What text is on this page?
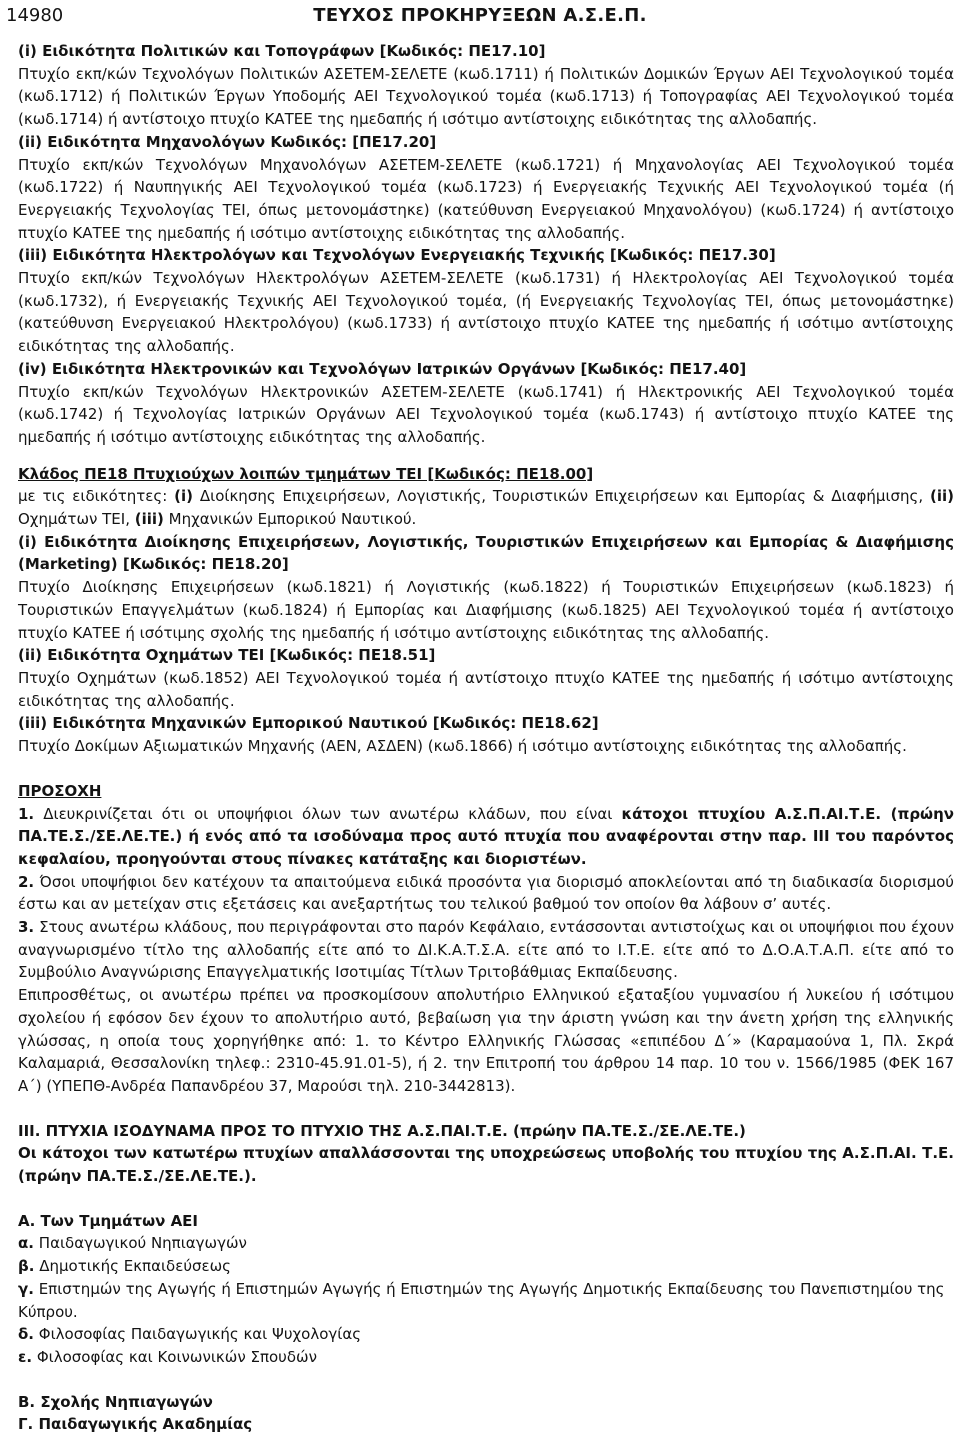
14980	ΤΕΥΧΟΣ ΠΡΟΚΗΡΥΞΕΩΝ Α.Σ.Ε.Π.

(i) Ειδικότητα Πολιτικών και Τοπογράφων [Κωδικός: ΠΕ17.10]

Πτυχίο εκπ/κών Τεχνολόγων Πολιτικών ΑΣΕΤΕΜ-ΣΕΛΕΤΕ (κωδ.1711) ή Πολιτικών Δομικών Έργων ΑΕΙ Τεχνολογικού τομέα (κωδ.1712) ή Πολιτικών Έργων Υποδομής ΑΕΙ Τεχνολογικού τομέα (κωδ.1713) ή Τοπογραφίας ΑΕΙ Τεχνολογικού τομέα (κωδ.1714) ή αντίστοιχο πτυχίο ΚΑΤΕΕ της ημεδαπής ή ισότιμο αντίστοιχης ειδικότητας της αλλοδαπής.

(ii) Ειδικότητα Μηχανολόγων Κωδικός: [ΠΕ17.20]

Πτυχίο εκπ/κών Τεχνολόγων Μηχανολόγων ΑΣΕΤΕΜ-ΣΕΛΕΤΕ (κωδ.1721) ή Μηχανολογίας ΑΕΙ Τεχνολογικού τομέα (κωδ.1722) ή Ναυπηγικής ΑΕΙ Τεχνολογικού τομέα (κωδ.1723) ή Ενεργειακής Τεχνικής ΑΕΙ Τεχνολογικού τομέα (ή Ενεργειακής Τεχνολογίας ΤΕΙ, όπως μετονομάστηκε) (κατεύθυνση Ενεργειακού Μηχανολόγου) (κωδ.1724) ή αντίστοιχο πτυχίο ΚΑΤΕΕ της ημεδαπής ή ισότιμο αντίστοιχης ειδικότητας της αλλοδαπής.

(iii) Ειδικότητα Ηλεκτρολόγων και Τεχνολόγων Ενεργειακής Τεχνικής [Κωδικός: ΠΕ17.30]

Πτυχίο εκπ/κών Τεχνολόγων Ηλεκτρολόγων ΑΣΕΤΕΜ-ΣΕΛΕΤΕ (κωδ.1731) ή Ηλεκτρολογίας ΑΕΙ Τεχνολογικού τομέα (κωδ.1732), ή Ενεργειακής Τεχνικής ΑΕΙ Τεχνολογικού τομέα, (ή Ενεργειακής Τεχνολογίας ΤΕΙ, όπως μετονομάστηκε) (κατεύθυνση Ενεργειακού Ηλεκτρολόγου) (κωδ.1733) ή αντίστοιχο πτυχίο ΚΑΤΕΕ της ημεδαπής ή ισότιμο αντίστοιχης ειδικότητας της αλλοδαπής.

(iv) Ειδικότητα Ηλεκτρονικών και Τεχνολόγων Ιατρικών Οργάνων [Κωδικός: ΠΕ17.40]

Πτυχίο εκπ/κών Τεχνολόγων Ηλεκτρονικών ΑΣΕΤΕΜ-ΣΕΛΕΤΕ (κωδ.1741) ή Ηλεκτρονικής ΑΕΙ Τεχνολογικού τομέα (κωδ.1742) ή Τεχνολογίας Ιατρικών Οργάνων ΑΕΙ Τεχνολογικού τομέα (κωδ.1743) ή αντίστοιχο πτυχίο ΚΑΤΕΕ της ημεδαπής ή ισότιμο αντίστοιχης ειδικότητας της αλλοδαπής.

Κλάδος ΠΕ18 Πτυχιούχων λοιπών τμημάτων ΤΕΙ [Κωδικός: ΠΕ18.00]

με τις ειδικότητες: (i) Διοίκησης Επιχειρήσεων, Λογιστικής, Τουριστικών Επιχειρήσεων και Εμπορίας & Διαφήμισης, (ii) Οχημάτων ΤΕΙ, (iii) Μηχανικών Εμπορικού Ναυτικού.

(i) Ειδικότητα Διοίκησης Επιχειρήσεων, Λογιστικής, Τουριστικών Επιχειρήσεων και Εμπορίας & Διαφήμισης (Marketing) [Κωδικός: ΠΕ18.20]

Πτυχίο Διοίκησης Επιχειρήσεων (κωδ.1821) ή Λογιστικής (κωδ.1822) ή Τουριστικών Επιχειρήσεων (κωδ.1823) ή Τουριστικών Επαγγελμάτων (κωδ.1824) ή Εμπορίας και Διαφήμισης (κωδ.1825) ΑΕΙ Τεχνολογικού τομέα ή αντίστοιχο πτυχίο ΚΑΤΕΕ ή ισότιμης σχολής της ημεδαπής ή ισότιμο αντίστοιχης ειδικότητας της αλλοδαπής.

(ii) Ειδικότητα Οχημάτων ΤΕΙ [Κωδικός: ΠΕ18.51]

Πτυχίο Οχημάτων (κωδ.1852) ΑΕΙ Τεχνολογικού τομέα ή αντίστοιχο πτυχίο ΚΑΤΕΕ της ημεδαπής ή ισότιμο αντίστοιχης ειδικότητας της αλλοδαπής.

(iii) Ειδικότητα Μηχανικών Εμπορικού Ναυτικού [Κωδικός: ΠΕ18.62]

Πτυχίο Δοκίμων Αξιωματικών Μηχανής (ΑΕΝ, ΑΣΔΕΝ) (κωδ.1866) ή ισότιμο αντίστοιχης ειδικότητας της αλλοδαπής.

ΠΡΟΣΟΧΗ

1. Διευκρινίζεται ότι οι υποψήφιοι όλων των ανωτέρω κλάδων, που είναι κάτοχοι πτυχίου Α.Σ.Π.ΑΙ.Τ.Ε. (πρώην ΠΑ.ΤΕ.Σ./ΣΕ.ΛΕ.ΤΕ.) ή ενός από τα ισοδύναμα προς αυτό πτυχία που αναφέρονται στην παρ. III του παρόντος κεφαλαίου, προηγούνται στους πίνακες κατάταξης και διοριστέων.

2. Όσοι υποψήφιοι δεν κατέχουν τα απαιτούμενα ειδικά προσόντα για διορισμό αποκλείονται από τη διαδικασία διορισμού έστω και αν μετείχαν στις εξετάσεις και ανεξαρτήτως του τελικού βαθμού τον οποίον θα λάβουν σ’ αυτές.

3. Στους ανωτέρω κλάδους, που περιγράφονται στο παρόν Κεφάλαιο, εντάσσονται αντιστοίχως και οι υποψήφιοι που έχουν αναγνωρισμένο τίτλο της αλλοδαπής είτε από το ΔΙ.Κ.Α.Τ.Σ.Α. είτε από το Ι.Τ.Ε. είτε από το Δ.Ο.Α.Τ.Α.Π. είτε από το Συμβούλιο Αναγνώρισης Επαγγελματικής Ισοτιμίας Τίτλων Τριτοβάθμιας Εκπαίδευσης.

Επιπροσθέτως, οι ανωτέρω πρέπει να προσκομίσουν απολυτήριο Ελληνικού εξαταξίου γυμνασίου ή λυκείου ή ισότιμου σχολείου ή εφόσον δεν έχουν το απολυτήριο αυτό, βεβαίωση για την άριστη γνώση και την άνετη χρήση της ελληνικής γλώσσας, η οποία τους χορηγήθηκε από: 1. το Κέντρο Ελληνικής Γλώσσας «επιπέδου Δ΄» (Καραμαούνα 1, Πλ. Σκρά Καλαμαριά, Θεσσαλονίκη τηλεφ.: 2310-45.91.01-5), ή 2. την Επιτροπή του άρθρου 14 παρ. 10 του ν. 1566/1985 (ΦΕΚ 167 Α΄) (ΥΠΕΠΘ-Ανδρέα Παπανδρέου 37, Μαρούσι τηλ. 210-3442813).

ΙΙΙ. ΠΤΥΧΙΑ ΙΣΟΔΥΝΑΜΑ ΠΡΟΣ ΤΟ ΠΤΥΧΙΟ ΤΗΣ Α.Σ.ΠΑΙ.Τ.Ε. (πρώην ΠΑ.ΤΕ.Σ./ΣΕ.ΛΕ.ΤΕ.)

Οι κάτοχοι των κατωτέρω πτυχίων απαλλάσσονται της υποχρεώσεως υποβολής του πτυχίου της Α.Σ.Π.ΑΙ. Τ.Ε. (πρώην ΠΑ.ΤΕ.Σ./ΣΕ.ΛΕ.ΤΕ.).

Α. Των Τμημάτων ΑΕΙ

α. Παιδαγωγικού Νηπιαγωγών

β. Δημοτικής Εκπαιδεύσεως

γ. Επιστημών της Αγωγής ή Επιστημών Αγωγής ή Επιστημών της Αγωγής Δημοτικής Εκπαίδευσης του Πανεπιστημίου της Κύπρου.

δ. Φιλοσοφίας Παιδαγωγικής και Ψυχολογίας

ε. Φιλοσοφίας και Κοινωνικών Σπουδών

Β. Σχολής Νηπιαγωγών

Γ. Παιδαγωγικής Ακαδημίας
